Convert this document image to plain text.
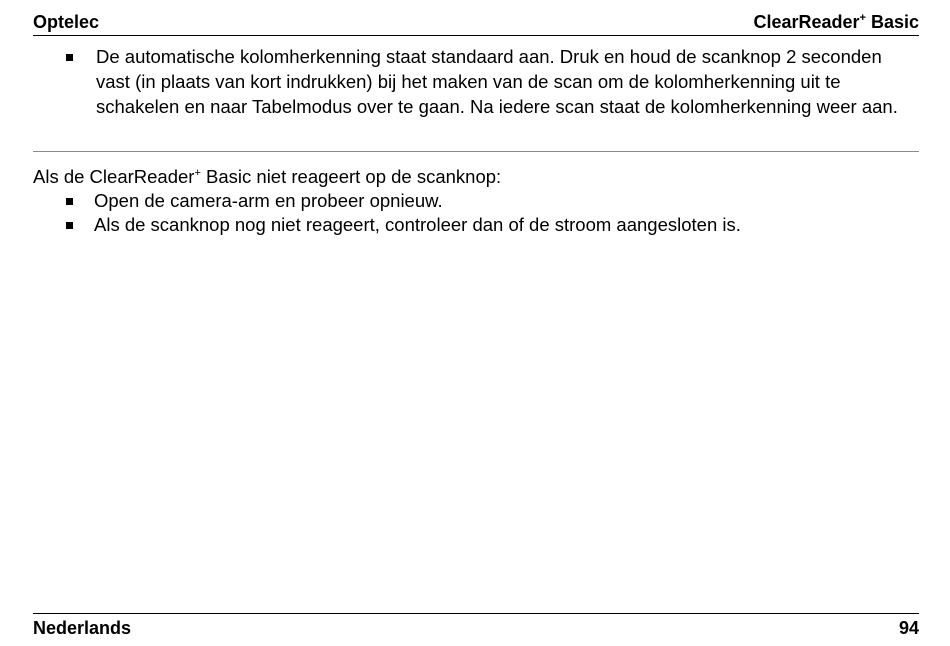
Optelec	ClearReader+ Basic
De automatische kolomherkenning staat standaard aan. Druk en houd de scanknop 2 seconden vast (in plaats van kort indrukken) bij het maken van de scan om de kolomherkenning uit te schakelen en naar Tabelmodus over te gaan. Na iedere scan staat de kolomherkenning weer aan.
Als de ClearReader+ Basic niet reageert op de scanknop:
Open de camera-arm en probeer opnieuw.
Als de scanknop nog niet reageert, controleer dan of de stroom aangesloten is.
Nederlands	94
